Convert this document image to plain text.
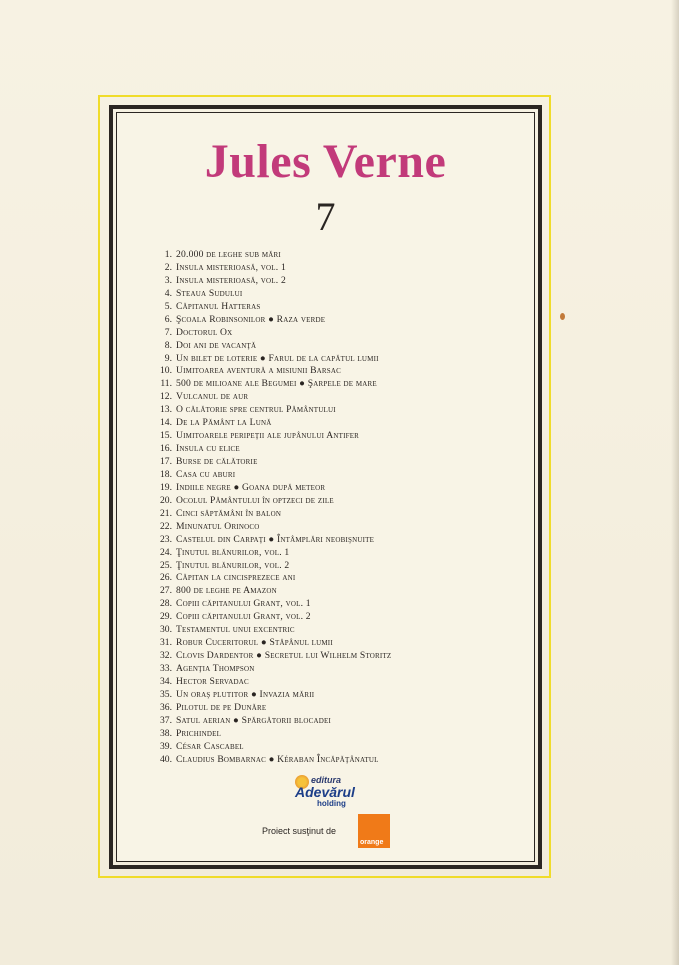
Jules Verne
7
1. 20.000 de leghe sub mări
2. Insula misterioasă, vol. 1
3. Insula misterioasă, vol. 2
4. Steaua Sudului
5. Căpitanul Hatteras
6. Şcoala Robinsonilor ● Raza verde
7. Doctorul Ox
8. Doi ani de vacanţă
9. Un bilet de loterie ● Farul de la capătul lumii
10. Uimitoarea aventură a misiunii Barsac
11. 500 de milioane ale Begumei ● Şarpele de mare
12. Vulcanul de aur
13. O călătorie spre centrul Pământului
14. De la Pământ la Lună
15. Uimitoarele peripeţii ale jupânului Antifer
16. Insula cu elice
17. Burse de călătorie
18. Casa cu aburi
19. Indiile negre ● Goana după meteor
20. Ocolul Pământului în optzeci de zile
21. Cinci săptămâni în balon
22. Minunatul Orinoco
23. Castelul din Carpaţi ● Întâmplări neobişnuite
24. Ţinutul blănurilor, vol. 1
25. Ţinutul blănurilor, vol. 2
26. Căpitan la cincisprezece ani
27. 800 de leghe pe Amazon
28. Copiii căpitanului Grant, vol. 1
29. Copiii căpitanului Grant, vol. 2
30. Testamentul unui excentric
31. Robur Cuceritorul ● Stăpânul lumii
32. Clovis Dardentor ● Secretul lui Wilhelm Storitz
33. Agenţia Thompson
34. Hector Servadac
35. Un oraş plutitor ● Invazia mării
36. Pilotul de pe Dunăre
37. Satul aerian ● Spărgătorii blocadei
38. Prichindel
39. César Cascabel
40. Claudius Bombarnac ● Kéraban Încăpăţânatul
editura
Adevărul
holding
Proiect susţinut de
orange
